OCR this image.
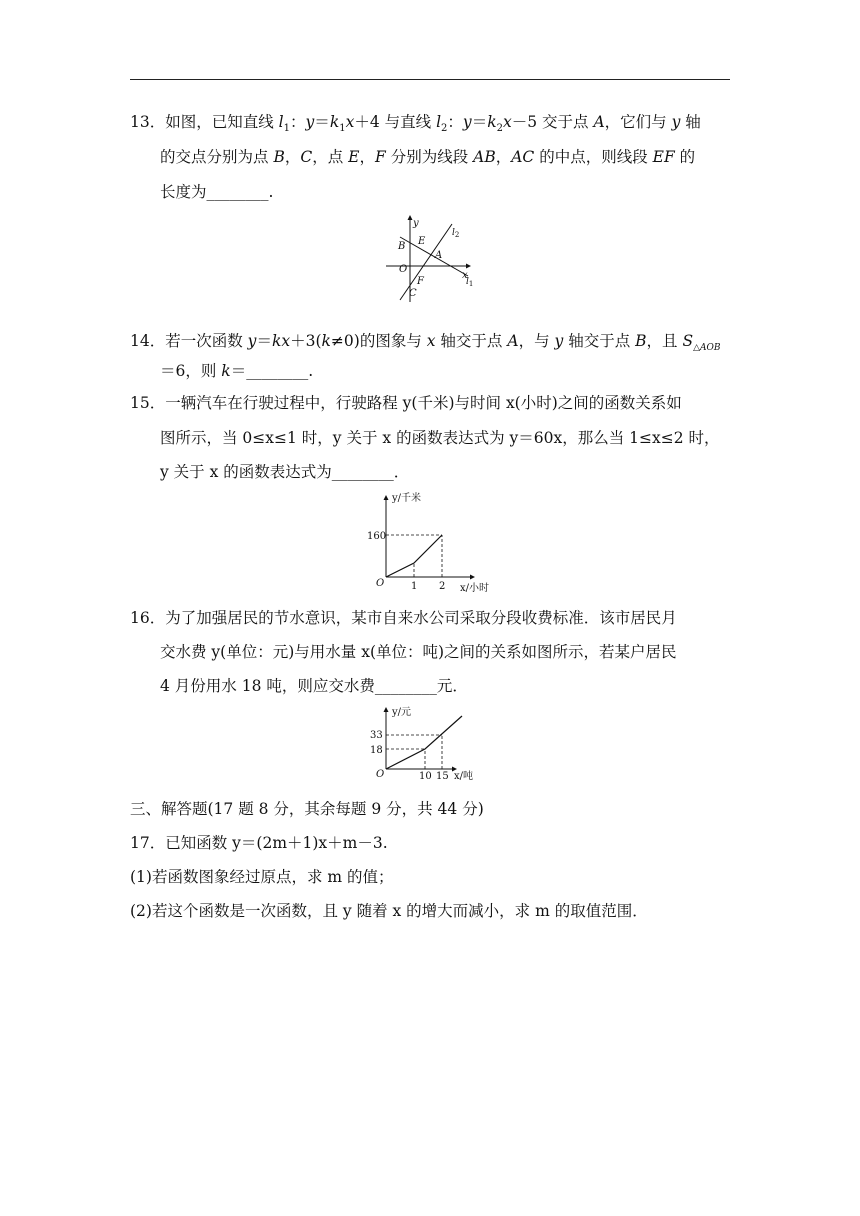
13．如图，已知直线 $l_1$：$y=k_1x+4$ 与直线 $l_2$：$y=k_2x-5$ 交于点 A，它们与 y 轴
的交点分别为点 B，C，点 E，F 分别为线段 AB，AC 的中点，则线段 EF 的
长度为________.
y
x
B E
A
O
F
C
$l_2$
$l_1$
14．若一次函数 y＝kx＋3(k≠0)的图象与 x 轴交于点 A，与 y 轴交于点 B，且 $S_{\triangle AOB}$
＝6，则 k＝________.
15．一辆汽车在行驶过程中，行驶路程 y(千米)与时间 x(小时)之间的函数关系如
图所示，当 0≤x≤1 时，y 关于 x 的函数表达式为 y＝60x，那么当 1≤x≤2 时，
y 关于 x 的函数表达式为________．
y/千米
x/小时
160
1 2
O
16．为了加强居民的节水意识，某市自来水公司采取分段收费标准．该市居民月
交水费 y(单位：元)与用水量 x(单位：吨)之间的关系如图所示，若某户居民
4 月份用水 18 吨，则应交水费________元．
y/元
x/吨
33
18
10 15
O
三、解答题(17 题 8 分，其余每题 9 分，共 44 分)
17．已知函数 y＝(2m＋1)x＋m－3.
(1)若函数图象经过原点，求 m 的值；
(2)若这个函数是一次函数，且 y 随着 x 的增大而减小，求 m 的取值范围．
